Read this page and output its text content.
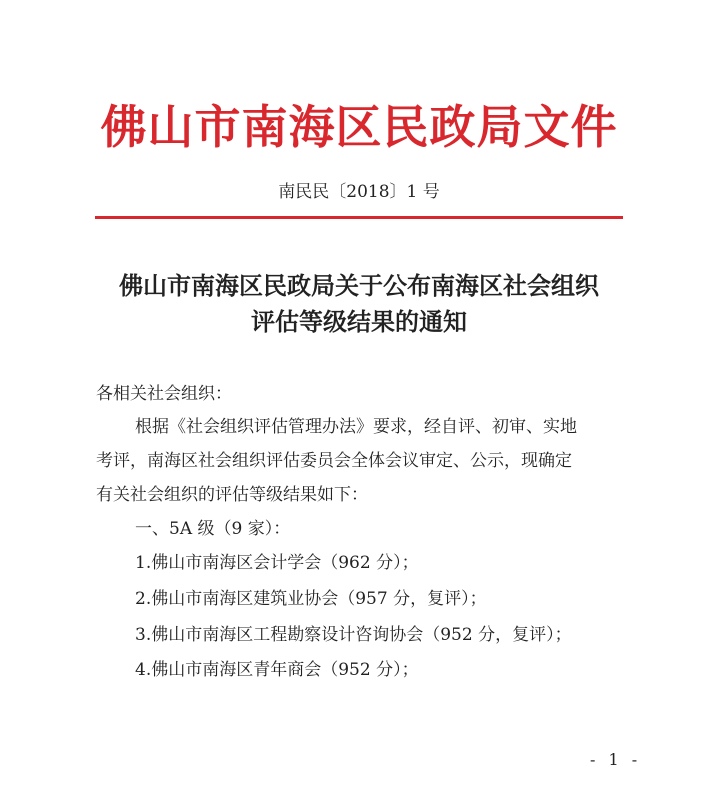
佛山市南海区民政局文件
南民民〔2018〕1 号
佛山市南海区民政局关于公布南海区社会组织
评估等级结果的通知
各相关社会组织：
根据《社会组织评估管理办法》要求，经自评、初审、实地
考评，南海区社会组织评估委员会全体会议审定、公示，现确定
有关社会组织的评估等级结果如下：
一、5A 级（9 家）：
1.佛山市南海区会计学会（962 分）；
2.佛山市南海区建筑业协会（957 分，复评）；
3.佛山市南海区工程勘察设计咨询协会（952 分，复评）；
4.佛山市南海区青年商会（952 分）；
- 1 -
